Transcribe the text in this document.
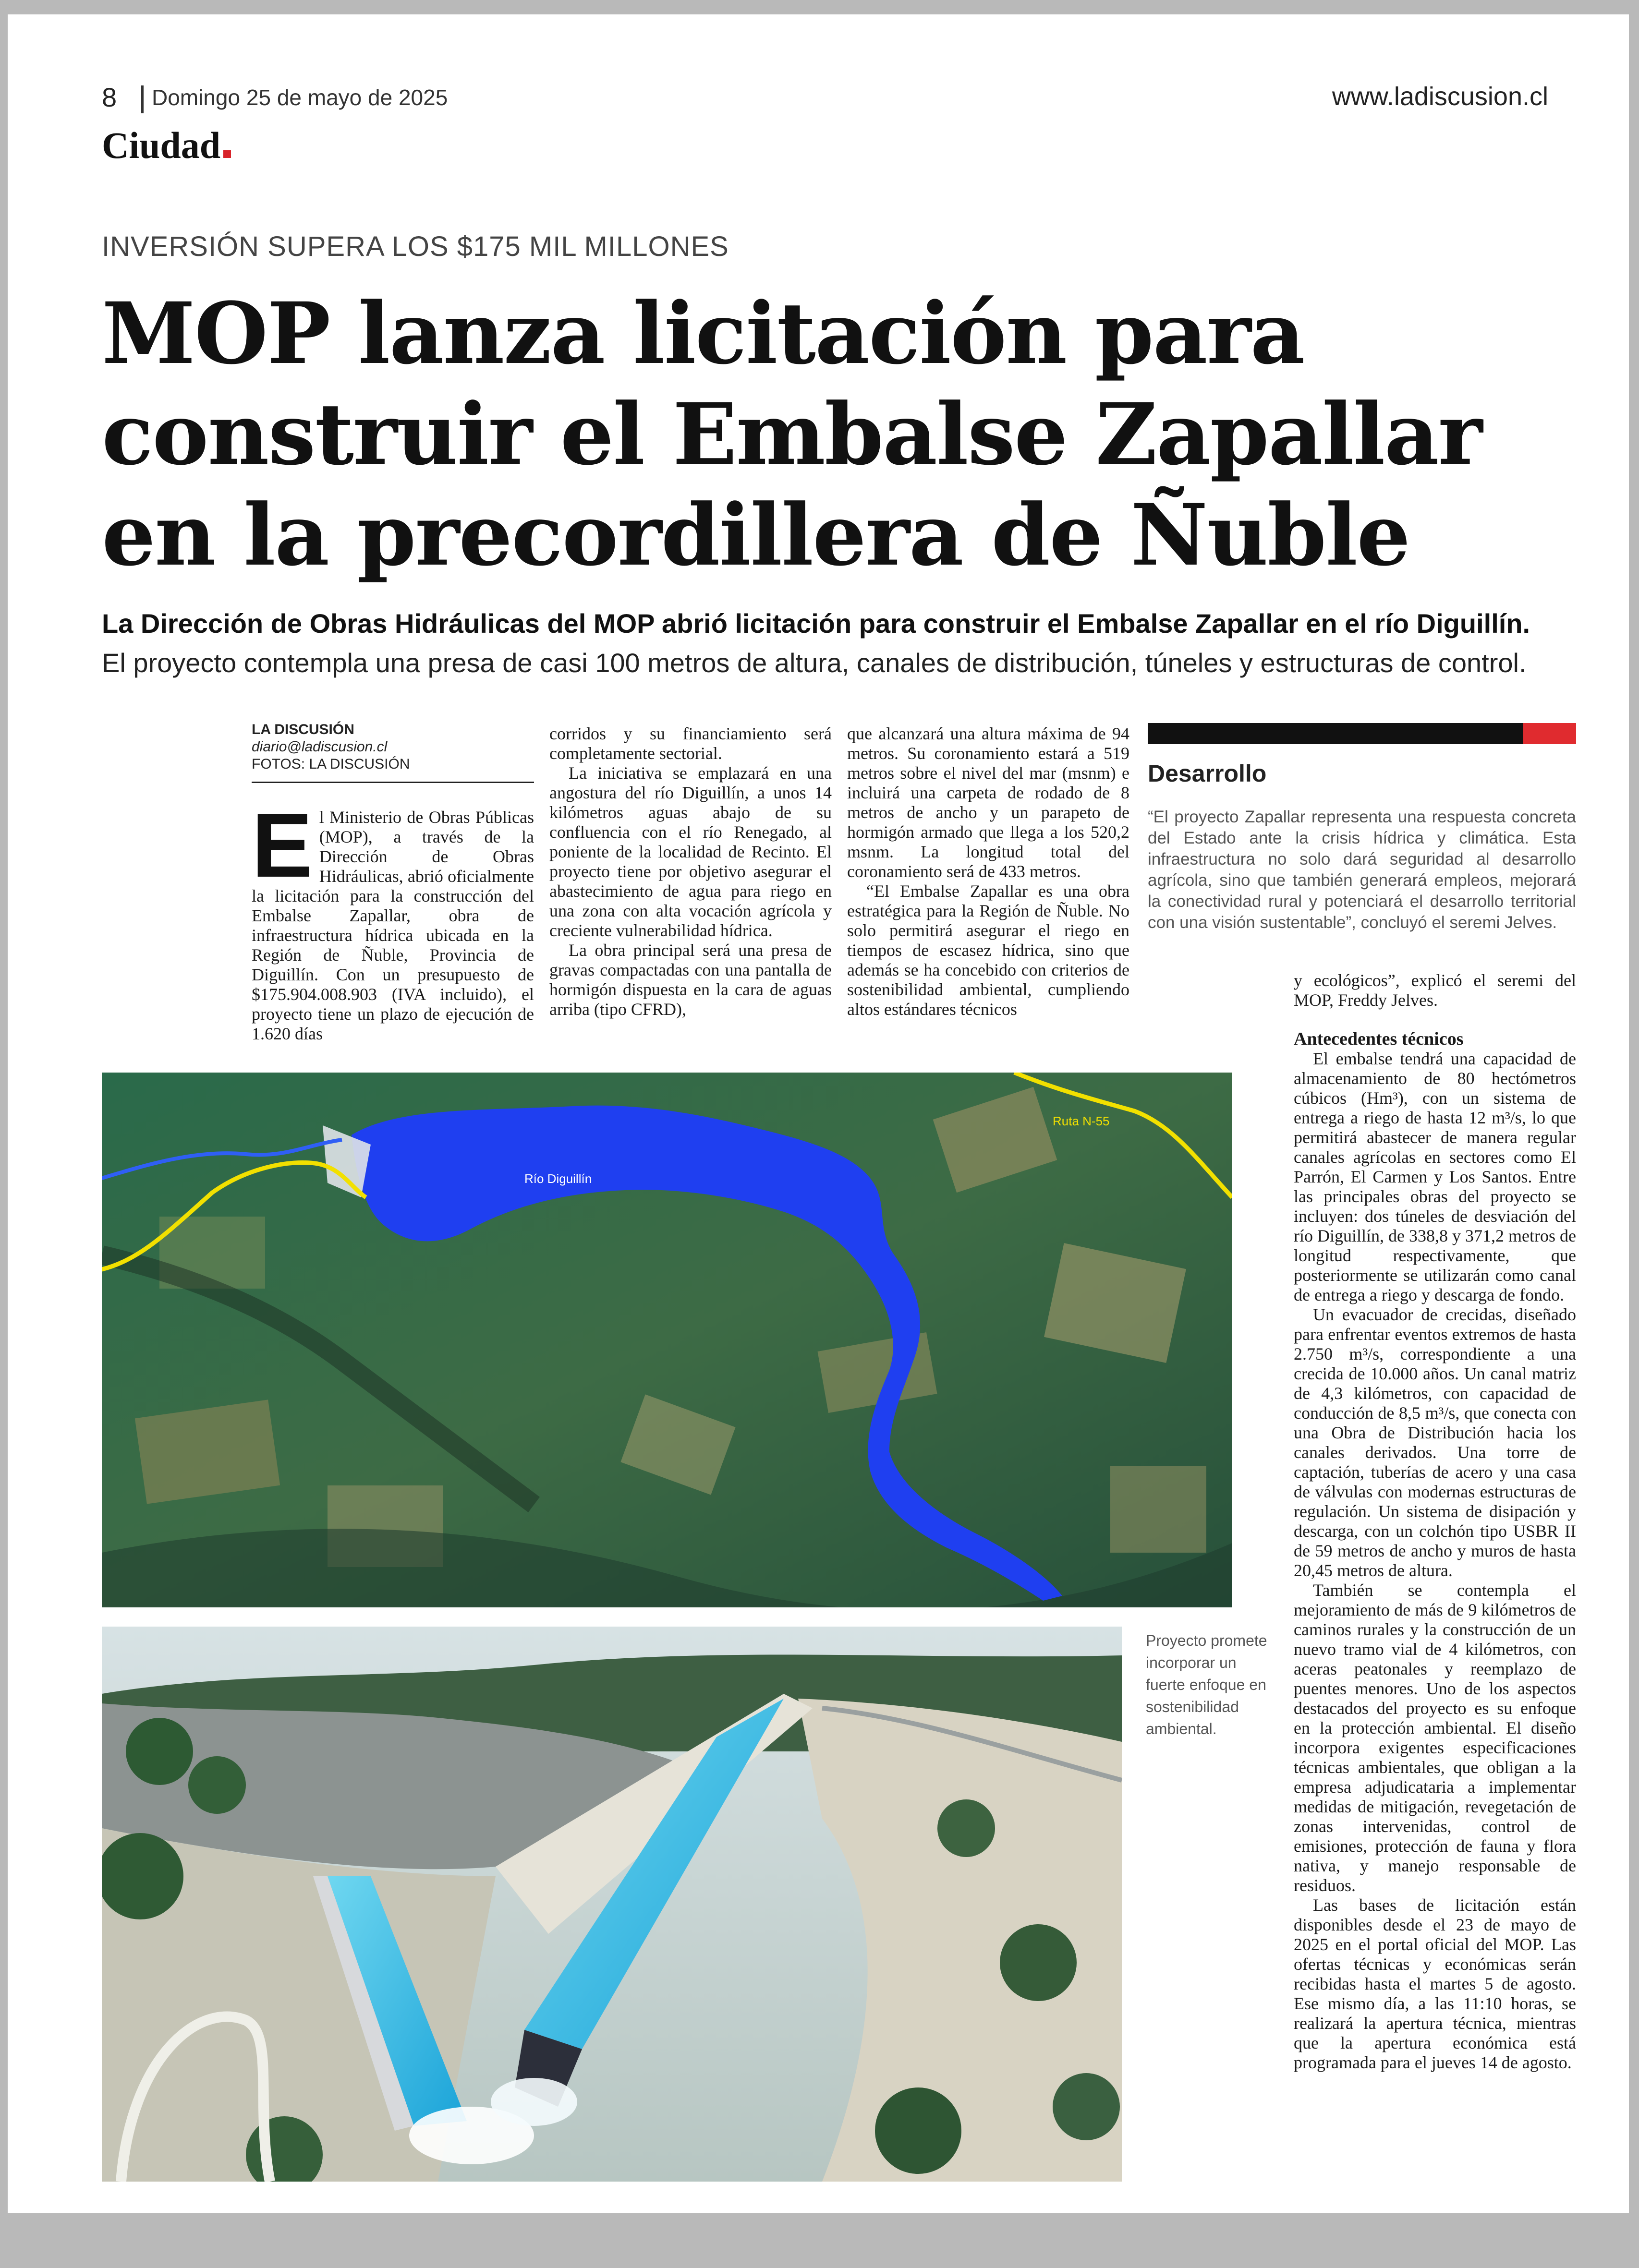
8 Domingo 25 de mayo de 2025	www.ladiscusion.cl
Ciudad
INVERSIÓN SUPERA LOS $175 MIL MILLONES
MOP lanza licitación para
construir el Embalse Zapallar
en la precordillera de Ñuble
La Dirección de Obras Hidráulicas del MOP abrió licitación para construir el Embalse Zapallar en el río Diguillín. El proyecto contempla una presa de casi 100 metros de altura, canales de distribución, túneles y estructuras de control.
LA DISCUSIÓN
diario@ladiscusion.cl
FOTOS: LA DISCUSIÓN

El Ministerio de Obras Públicas (MOP), a través de la Dirección de Obras Hidráulicas, abrió oficialmente la licitación para la construcción del Embalse Zapallar, obra de infraestructura hídrica ubicada en la Región de Ñuble, Provincia de Diguillín. Con un presupuesto de $175.904.008.903 (IVA incluido), el proyecto tiene un plazo de ejecución de 1.620 días

corridos y su financiamiento será completamente sectorial.

La iniciativa se emplazará en una angostura del río Diguillín, a unos 14 kilómetros aguas abajo de su confluencia con el río Renegado, al poniente de la localidad de Recinto. El proyecto tiene por objetivo asegurar el abastecimiento de agua para riego en una zona con alta vocación agrícola y creciente vulnerabilidad hídrica.

La obra principal será una presa de gravas compactadas con una pantalla de hormigón dispuesta en la cara de aguas arriba (tipo CFRD),

que alcanzará una altura máxima de 94 metros. Su coronamiento estará a 519 metros sobre el nivel del mar (msnm) e incluirá una carpeta de rodado de 8 metros de ancho y un parapeto de hormigón armado que llega a los 520,2 msnm. La longitud total del coronamiento será de 433 metros.

“El Embalse Zapallar es una obra estratégica para la Región de Ñuble. No solo permitirá asegurar el riego en tiempos de escasez hídrica, sino que además se ha concebido con criterios de sostenibilidad ambiental, cumpliendo altos estándares técnicos

Desarrollo
“El proyecto Zapallar representa una respuesta concreta del Estado ante la crisis hídrica y climática. Esta infraestructura no solo dará seguridad al desarrollo agrícola, sino que también generará empleos, mejorará la conectividad rural y potenciará el desarrollo territorial con una visión sustentable”, concluyó el seremi Jelves.

y ecológicos”, explicó el seremi del MOP, Freddy Jelves.

Antecedentes técnicos

El embalse tendrá una capacidad de almacenamiento de 80 hectómetros cúbicos (Hm³), con un sistema de entrega a riego de hasta 12 m³/s, lo que permitirá abastecer de manera regular canales agrícolas en sectores como El Parrón, El Carmen y Los Santos. Entre las principales obras del proyecto se incluyen: dos túneles de desviación del río Diguillín, de 338,8 y 371,2 metros de longitud respectivamente, que posteriormente se utilizarán como canal de entrega a riego y descarga de fondo.

Un evacuador de crecidas, diseñado para enfrentar eventos extremos de hasta 2.750 m³/s, correspondiente a una crecida de 10.000 años. Un canal matriz de 4,3 kilómetros, con capacidad de conducción de 8,5 m³/s, que conecta con una Obra de Distribución hacia los canales derivados. Una torre de captación, tuberías de acero y una casa de válvulas con modernas estructuras de regulación. Un sistema de disipación y descarga, con un colchón tipo USBR II de 59 metros de ancho y muros de hasta 20,45 metros de altura.

También se contempla el mejoramiento de más de 9 kilómetros de caminos rurales y la construcción de un nuevo tramo vial de 4 kilómetros, con aceras peatonales y reemplazo de puentes menores. Uno de los aspectos destacados del proyecto es su enfoque en la protección ambiental. El diseño incorpora exigentes especificaciones técnicas ambientales, que obligan a la empresa adjudicataria a implementar medidas de mitigación, revegetación de zonas intervenidas, control de emisiones, protección de fauna y flora nativa, y manejo responsable de residuos.

Las bases de licitación están disponibles desde el 23 de mayo de 2025 en el portal oficial del MOP. Las ofertas técnicas y económicas serán recibidas hasta el martes 5 de agosto. Ese mismo día, a las 11:10 horas, se realizará la apertura técnica, mientras que la apertura económica está programada para el jueves 14 de agosto.

Río Diguillín
Ruta N-55
Proyecto promete incorporar un fuerte enfoque en sostenibilidad ambiental.
